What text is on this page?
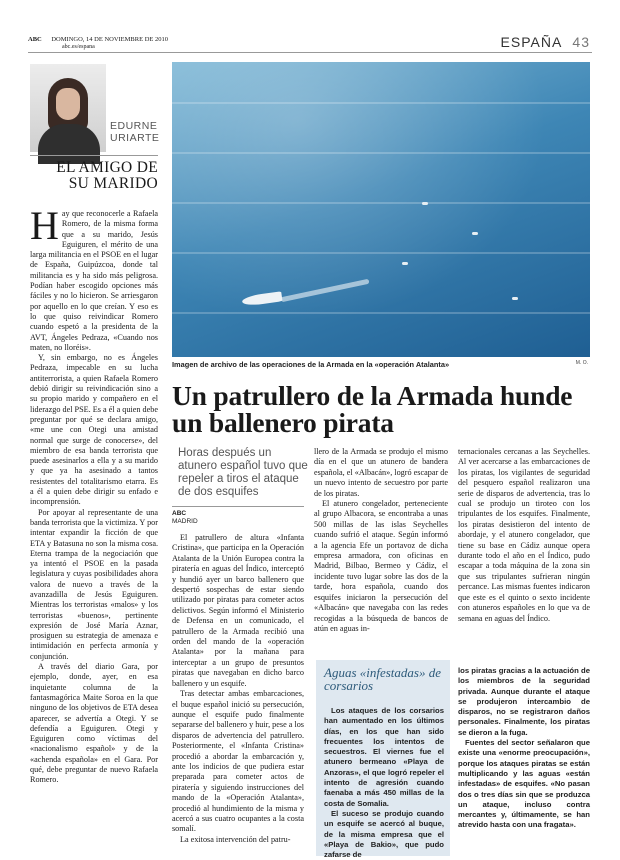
ABC DOMINGO, 14 DE NOVIEMBRE DE 2010
abc.es/espana	ESPAÑA 43
EDURNE
URIARTE
EL AMIGO DE
SU MARIDO

Hay que reconocerle a Rafaela Romero, de la misma forma que a su marido, Jesús Eguiguren, el mérito de una larga militancia en el PSOE en el lugar de España, Guipúzcoa, donde tal militancia es y ha sido más peligrosa. Podían haber escogido opciones más fáciles y no lo hicieron. Se arriesgaron por aquello en lo que creían. Y eso es lo que quiso reivindicar Romero cuando espetó a la presidenta de la AVT, Ángeles Pedraza, «Cuando nos maten, no lloréis».

Y, sin embargo, no es Ángeles Pedraza, impecable en su lucha antiterrorista, a quien Rafaela Romero debió dirigir su reivindicación sino a su propio marido y compañero en el liderazgo del PSE. Es a él a quien debe preguntar por qué se declara amigo, «me une con Otegi una amistad normal que surge de conocerse», del miembro de esa banda terrorista que puede asesinarlos a ella y a su marido y que ya ha asesinado a tantos resistentes del totalitarismo etarra. Es a él a quien debe dirigir su enfado e incomprensión.

Por apoyar al representante de una banda terrorista que la victimiza. Y por intentar expandir la ficción de que ETA y Batasuna no son la misma cosa. Eterna trampa de la negociación que ya intentó el PSOE en la pasada legislatura y cuyas posibilidades ahora valora de nuevo a través de la avanzadilla de Jesús Eguiguren. Mientras los terroristas «malos» y los terroristas «buenos», pertinente expresión de José María Aznar, prosiguen su estrategia de amenaza e intimidación en perfecta armonía y conjunción.

A través del diario Gara, por ejemplo, donde, ayer, en esa inquietante columna de la fantasmagórica Maite Soroa en la que ninguno de los objetivos de ETA desea aparecer, se advertía a Otegi. Y se defendía a Eguiguren. Otegi y Eguiguren como víctimas del «nacionalismo español» y de la «achenda española» en el Gara. Por qué, debe preguntar de nuevo Rafaela Romero.

Imagen de archivo de las operaciones de la Armada en la «operación Atalanta»	M. O.
Un patrullero de la Armada hunde un ballenero pirata
Horas después un atunero español tuvo que repeler a tiros el ataque de dos esquifes
ABC
MADRID

El patrullero de altura «Infanta Cristina», que participa en la Operación Atalanta de la Unión Europea contra la piratería en aguas del Índico, interceptó y hundió ayer un barco ballenero que despertó sospechas de estar siendo utilizado por piratas para cometer actos delictivos. Según informó el Ministerio de Defensa en un comunicado, el patrullero de la Armada recibió una orden del mando de la «operación Atalanta» por la mañana para interceptar a un grupo de presuntos piratas que navegaban en dicho barco ballenero y un esquife.

Tras detectar ambas embarcaciones, el buque español inició su persecución, aunque el esquife pudo finalmente separarse del ballenero y huir, pese a los disparos de advertencia del patrullero. Posteriormente, el «Infanta Cristina» procedió a abordar la embarcación y, ante los indicios de que pudiera estar preparada para cometer actos de piratería y siguiendo instrucciones del mando de la «Operación Atalanta», procedió al hundimiento de la misma y acercó a sus cuatro ocupantes a la costa somalí.

La exitosa intervención del patru-

llero de la Armada se produjo el mismo día en el que un atunero de bandera española, el «Albacán», logró escapar de un nuevo intento de secuestro por parte de los piratas.

El atunero congelador, perteneciente al grupo Albacora, se encontraba a unas 500 millas de las islas Seychelles cuando sufrió el ataque. Según informó a la agencia Efe un portavoz de dicha empresa armadora, con oficinas en Madrid, Bilbao, Bermeo y Cádiz, el incidente tuvo lugar sobre las dos de la tarde, hora española, cuando dos esquifes iniciaron la persecución del «Albacán» que navegaba con las redes recogidas a la búsqueda de bancos de atún en aguas in-

ternacionales cercanas a las Seychelles. Al ver acercarse a las embarcaciones de los piratas, los vigilantes de seguridad del pesquero español realizaron una serie de disparos de advertencia, tras lo cual se produjo un tiroteo con los tripulantes de los esquifes. Finalmente, los piratas desistieron del intento de abordaje, y el atunero congelador, que tiene su base en Cádiz aunque opera durante todo el año en el Índico, pudo escapar a toda máquina de la zona sin que sus tripulantes sufrieran ningún percance. Las mismas fuentes indicaron que este es el quinto o sexto incidente con atuneros españoles en lo que va de semana en aguas del Índico.

Aguas «infestadas» de corsarios

Los ataques de los corsarios han aumentado en los últimos días, en los que han sido frecuentes los intentos de secuestros. El viernes fue el atunero bermeano «Playa de Anzoras», el que logró repeler el intento de agresión cuando faenaba a más 450 millas de la costa de Somalia.

El suceso se produjo cuando un esquife se acercó al buque, de la misma empresa que el «Playa de Bakio», que pudo zafarse de

los piratas gracias a la actuación de los miembros de la seguridad privada. Aunque durante el ataque se produjeron intercambio de disparos, no se registraron daños personales. Finalmente, los piratas se dieron a la fuga.

Fuentes del sector señalaron que existe una «enorme preocupación», porque los ataques piratas se están multiplicando y las aguas «están infestadas» de esquifes. «No pasan dos o tres días sin que se produzca un ataque, incluso contra mercantes y, últimamente, se han atrevido hasta con una fragata».
